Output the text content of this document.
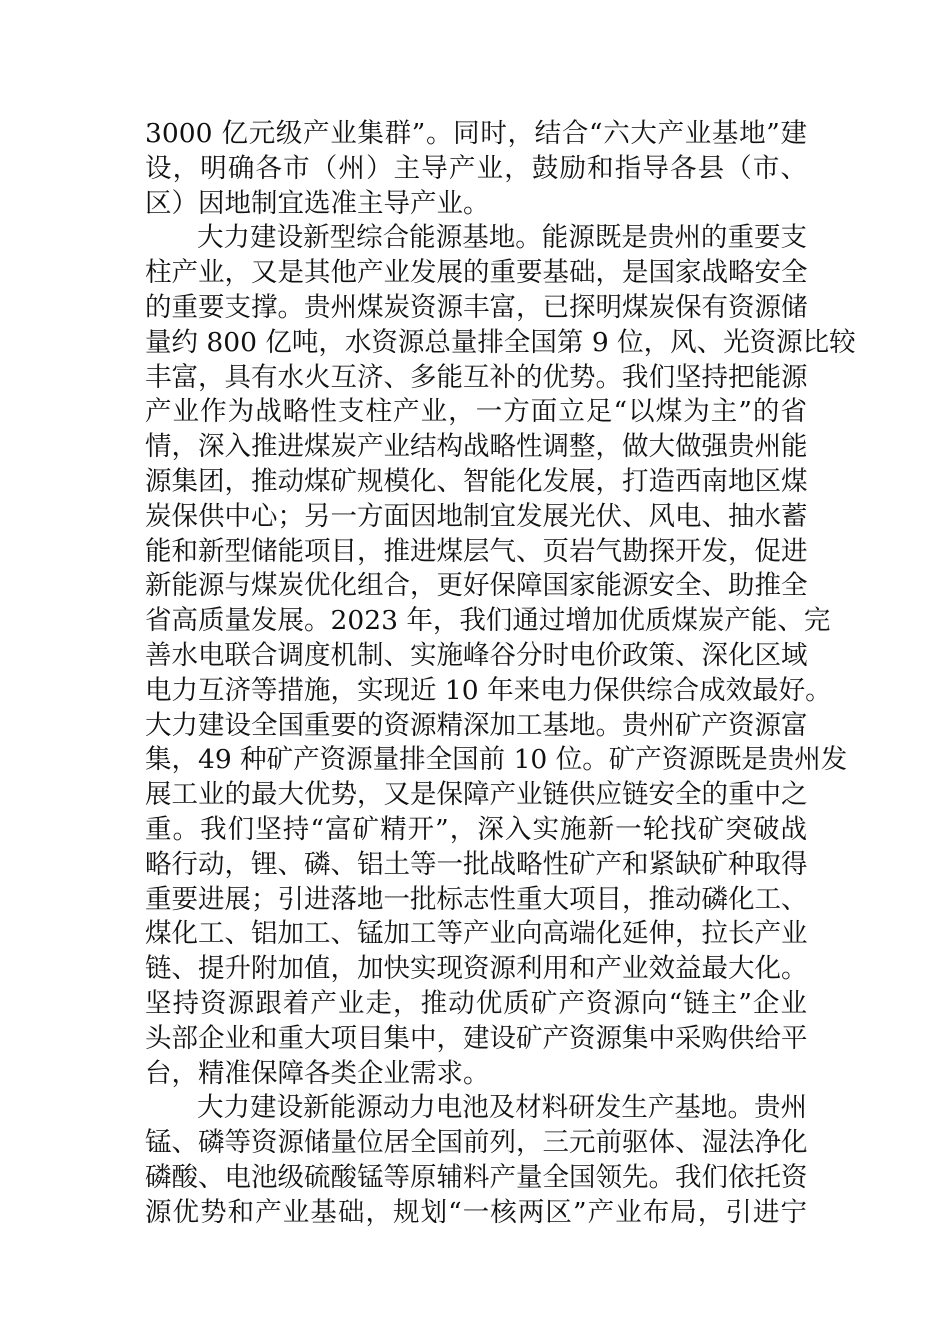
3000 亿元级产业集群”。同时，结合“六大产业基地”建
设，明确各市（州）主导产业，鼓励和指导各县（市、
区）因地制宜选准主导产业。
大力建设新型综合能源基地。能源既是贵州的重要支
柱产业，又是其他产业发展的重要基础，是国家战略安全
的重要支撑。贵州煤炭资源丰富，已探明煤炭保有资源储
量约 800 亿吨，水资源总量排全国第 9 位，风、光资源比较
丰富，具有水火互济、多能互补的优势。我们坚持把能源
产业作为战略性支柱产业，一方面立足“以煤为主”的省
情，深入推进煤炭产业结构战略性调整，做大做强贵州能
源集团，推动煤矿规模化、智能化发展，打造西南地区煤
炭保供中心；另一方面因地制宜发展光伏、风电、抽水蓄
能和新型储能项目，推进煤层气、页岩气勘探开发，促进
新能源与煤炭优化组合，更好保障国家能源安全、助推全
省高质量发展。2023 年，我们通过增加优质煤炭产能、完
善水电联合调度机制、实施峰谷分时电价政策、深化区域
电力互济等措施，实现近 10 年来电力保供综合成效最好。
大力建设全国重要的资源精深加工基地。贵州矿产资源富
集，49 种矿产资源量排全国前 10 位。矿产资源既是贵州发
展工业的最大优势，又是保障产业链供应链安全的重中之
重。我们坚持“富矿精开”，深入实施新一轮找矿突破战
略行动，锂、磷、铝土等一批战略性矿产和紧缺矿种取得
重要进展；引进落地一批标志性重大项目，推动磷化工、
煤化工、铝加工、锰加工等产业向高端化延伸，拉长产业
链、提升附加值，加快实现资源利用和产业效益最大化。
坚持资源跟着产业走，推动优质矿产资源向“链主”企业
头部企业和重大项目集中，建设矿产资源集中采购供给平
台，精准保障各类企业需求。
大力建设新能源动力电池及材料研发生产基地。贵州
锰、磷等资源储量位居全国前列，三元前驱体、湿法净化
磷酸、电池级硫酸锰等原辅料产量全国领先。我们依托资
源优势和产业基础，规划“一核两区”产业布局，引进宁
